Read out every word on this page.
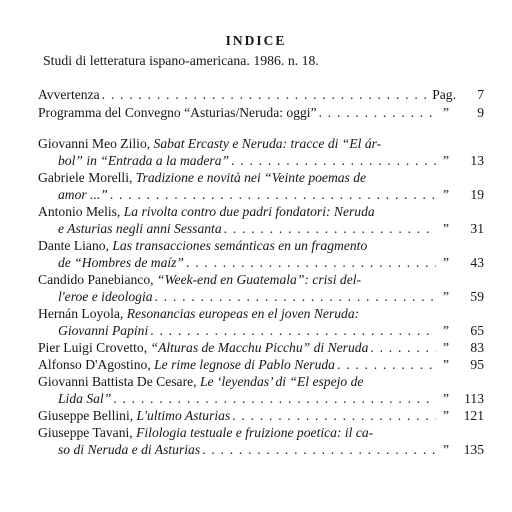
INDICE
Studi di letteratura ispano-americana. 1986. n. 18.
Avvertenza . . .	Pag.	7
Programma del Convegno “Asturias/Neruda: oggi” . . .	”	9
Giovanni Meo Zilio, Sabat Ercasty e Neruda: tracce di “El ár-
bol” in “Entrada a la madera” . . .	”	13
Gabriele Morelli, Tradizione e novità nei “Veinte poemas de
amor ...” . . .	”	19
Antonio Melis, La rivolta contro due padri fondatori: Neruda
e Asturias negli anni Sessanta . . .	”	31
Dante Liano, Las transacciones semánticas en un fragmento
de “Hombres de maíz” . . .	”	43
Candido Panebianco, “Week-end en Guatemala”: crisi del-
l'eroe e ideologia . . .	”	59
Hernán Loyola, Resonancias europeas en el joven Neruda:
Giovanni Papini . . .	”	65
Pier Luigi Crovetto, “Alturas de Macchu Picchu” di Neruda . . .	”	83
Alfonso D'Agostino, Le rime legnose di Pablo Neruda . . .	”	95
Giovanni Battista De Cesare, Le ‘leyendas’ di “El espejo de
Lida Sal” . . .	”	113
Giuseppe Bellini, L'ultimo Asturias . . .	”	121
Giuseppe Tavani, Filologia testuale e fruizione poetica: il ca-
so di Neruda e di Asturias . . .	”	135
